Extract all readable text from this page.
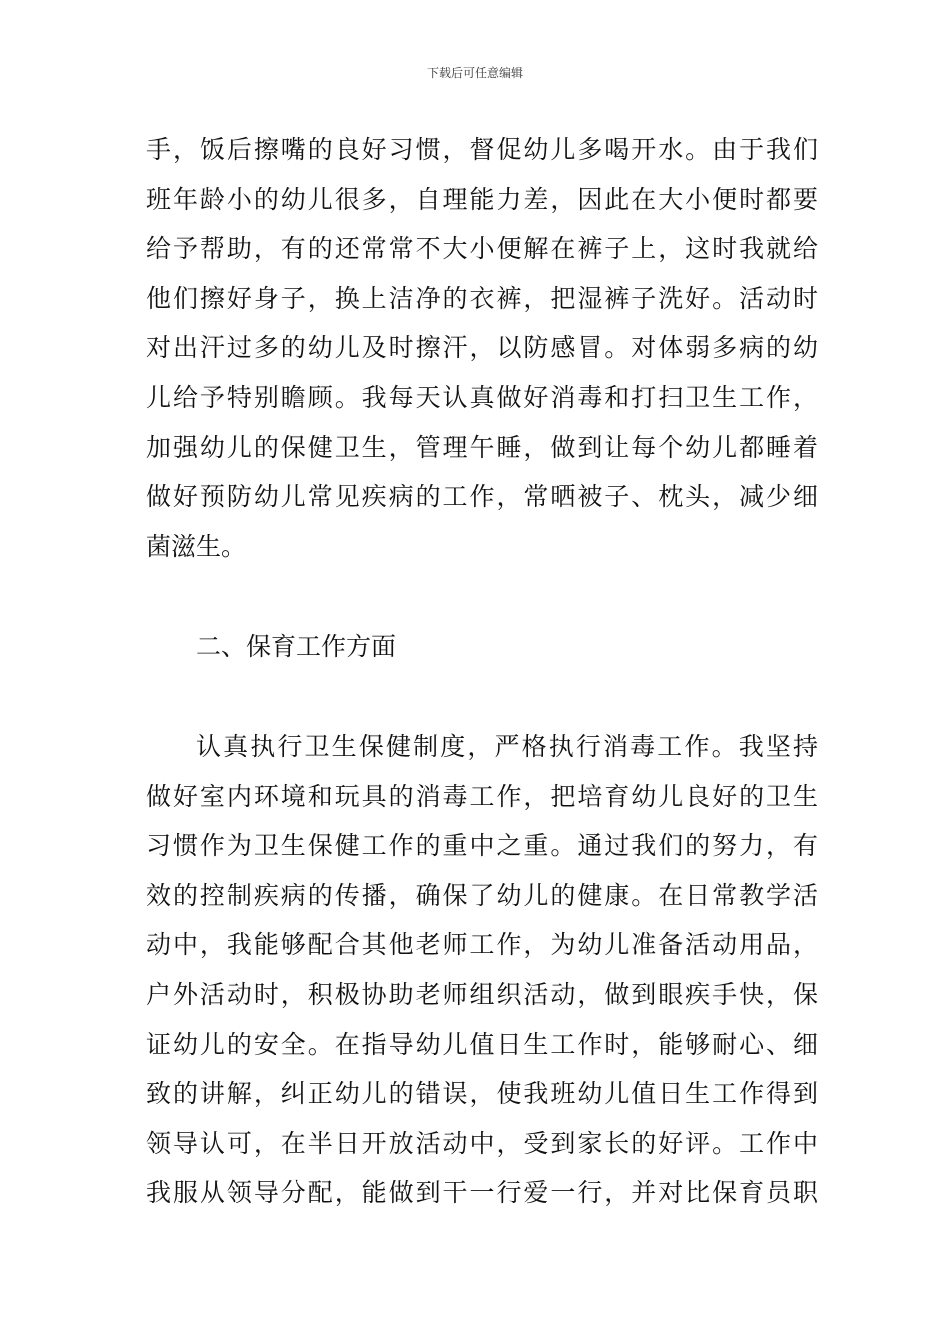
下载后可任意编辑
手，饭后擦嘴的良好习惯，督促幼儿多喝开水。由于我们
班年龄小的幼儿很多，自理能力差，因此在大小便时都要
给予帮助，有的还常常不大小便解在裤子上，这时我就给
他们擦好身子，换上洁净的衣裤，把湿裤子洗好。活动时
对出汗过多的幼儿及时擦汗，以防感冒。对体弱多病的幼
儿给予特别瞻顾。我每天认真做好消毒和打扫卫生工作，
加强幼儿的保健卫生，管理午睡，做到让每个幼儿都睡着
做好预防幼儿常见疾病的工作，常晒被子、枕头，减少细
菌滋生。
二、保育工作方面
认真执行卫生保健制度，严格执行消毒工作。我坚持
做好室内环境和玩具的消毒工作，把培育幼儿良好的卫生
习惯作为卫生保健工作的重中之重。通过我们的努力，有
效的控制疾病的传播，确保了幼儿的健康。在日常教学活
动中，我能够配合其他老师工作，为幼儿准备活动用品，
户外活动时，积极协助老师组织活动，做到眼疾手快，保
证幼儿的安全。在指导幼儿值日生工作时，能够耐心、细
致的讲解，纠正幼儿的错误，使我班幼儿值日生工作得到
领导认可，在半日开放活动中，受到家长的好评。工作中
我服从领导分配，能做到干一行爱一行，并对比保育员职
